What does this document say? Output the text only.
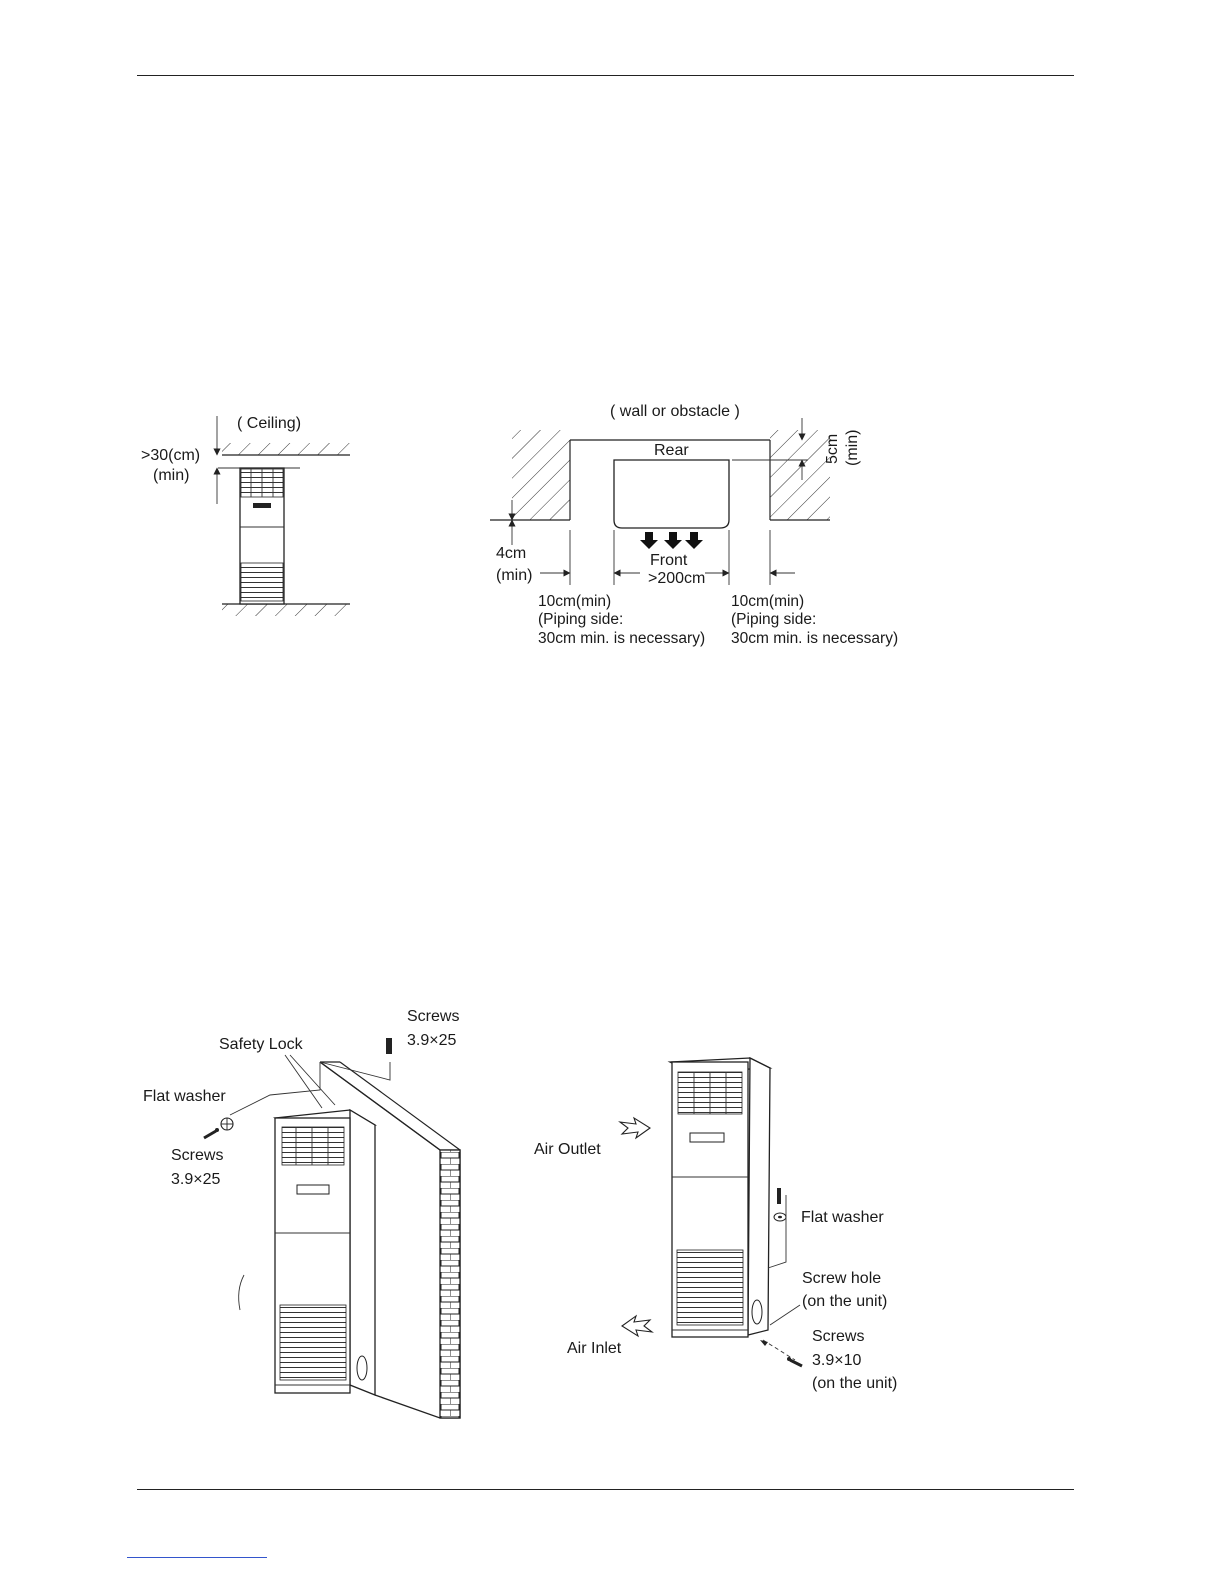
( Ceiling)
>30(cm)
(min)
( wall or obstacle )
Rear	5cm (min)
4cm
(min)
Front
>200cm
10cm(min)
(Piping side:
30cm min. is necessary)
10cm(min)
(Piping side:
30cm min. is necessary)
Screws
3.9×25
Safety Lock
Flat washer
Screws
3.9×25
Air Outlet
Air Inlet
Flat washer
Screw hole
(on the unit)
Screws
3.9×10
(on the unit)
